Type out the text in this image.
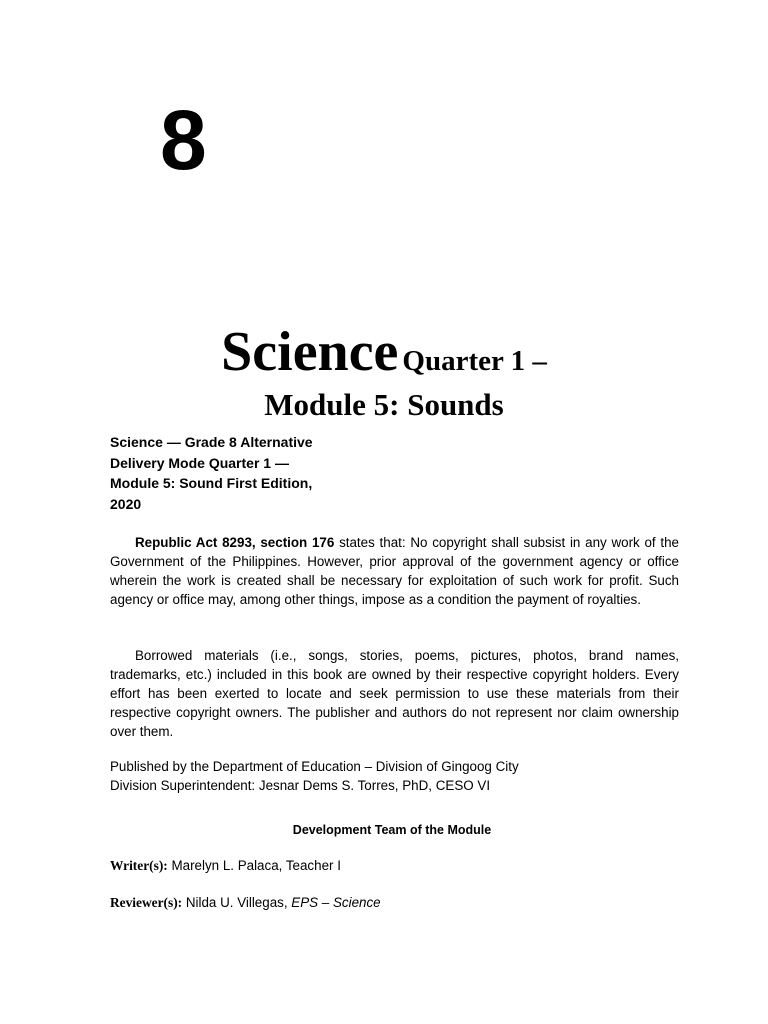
8
Science Quarter 1 –
Module 5: Sounds
Science — Grade 8 Alternative
Delivery Mode Quarter 1 —
Module 5: Sound First Edition,
2020

Republic Act 8293, section 176 states that: No copyright shall subsist in any work of the Government of the Philippines. However, prior approval of the government agency or office wherein the work is created shall be necessary for exploitation of such work for profit. Such agency or office may, among other things, impose as a condition the payment of royalties.

Borrowed materials (i.e., songs, stories, poems, pictures, photos, brand names, trademarks, etc.) included in this book are owned by their respective copyright holders. Every effort has been exerted to locate and seek permission to use these materials from their respective copyright owners. The publisher and authors do not represent nor claim ownership over them.

Published by the Department of Education – Division of Gingoog City
Division Superintendent: Jesnar Dems S. Torres, PhD, CESO VI
Development Team of the Module
Writer(s): Marelyn L. Palaca, Teacher I
Reviewer(s): Nilda U. Villegas, EPS – Science
